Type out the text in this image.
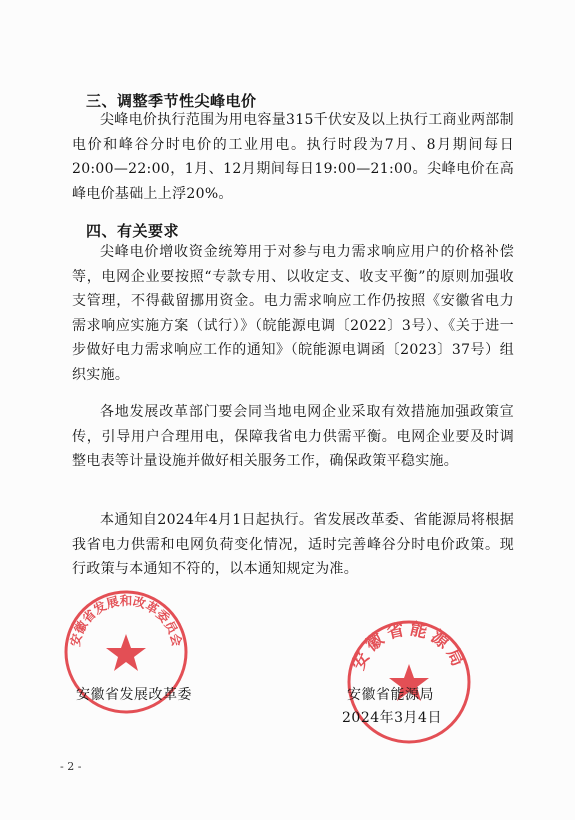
三、调整季节性尖峰电价
尖峰电价执行范围为用电容量315千伏安及以上执行工商业两部制电价和峰谷分时电价的工业用电。执行时段为7月、8月期间每日20:00—22:00，1月、12月期间每日19:00—21:00。尖峰电价在高峰电价基础上上浮20%。
四、有关要求
尖峰电价增收资金统筹用于对参与电力需求响应用户的价格补偿等，电网企业要按照“专款专用、以收定支、收支平衡”的原则加强收支管理，不得截留挪用资金。电力需求响应工作仍按照《安徽省电力需求响应实施方案（试行）》（皖能源电调〔2022〕3号）、《关于进一步做好电力需求响应工作的通知》（皖能源电调函〔2023〕37号）组织实施。
各地发展改革部门要会同当地电网企业采取有效措施加强政策宣传，引导用户合理用电，保障我省电力供需平衡。电网企业要及时调整电表等计量设施并做好相关服务工作，确保政策平稳实施。
本通知自2024年4月1日起执行。省发展改革委、省能源局将根据我省电力供需和电网负荷变化情况，适时完善峰谷分时电价政策。现行政策与本通知不符的，以本通知规定为准。
安徽省发展和改革委员会
安徽省能源局
安徽省发展改革委	安徽省能源局
2024年3月4日
- 2 -
